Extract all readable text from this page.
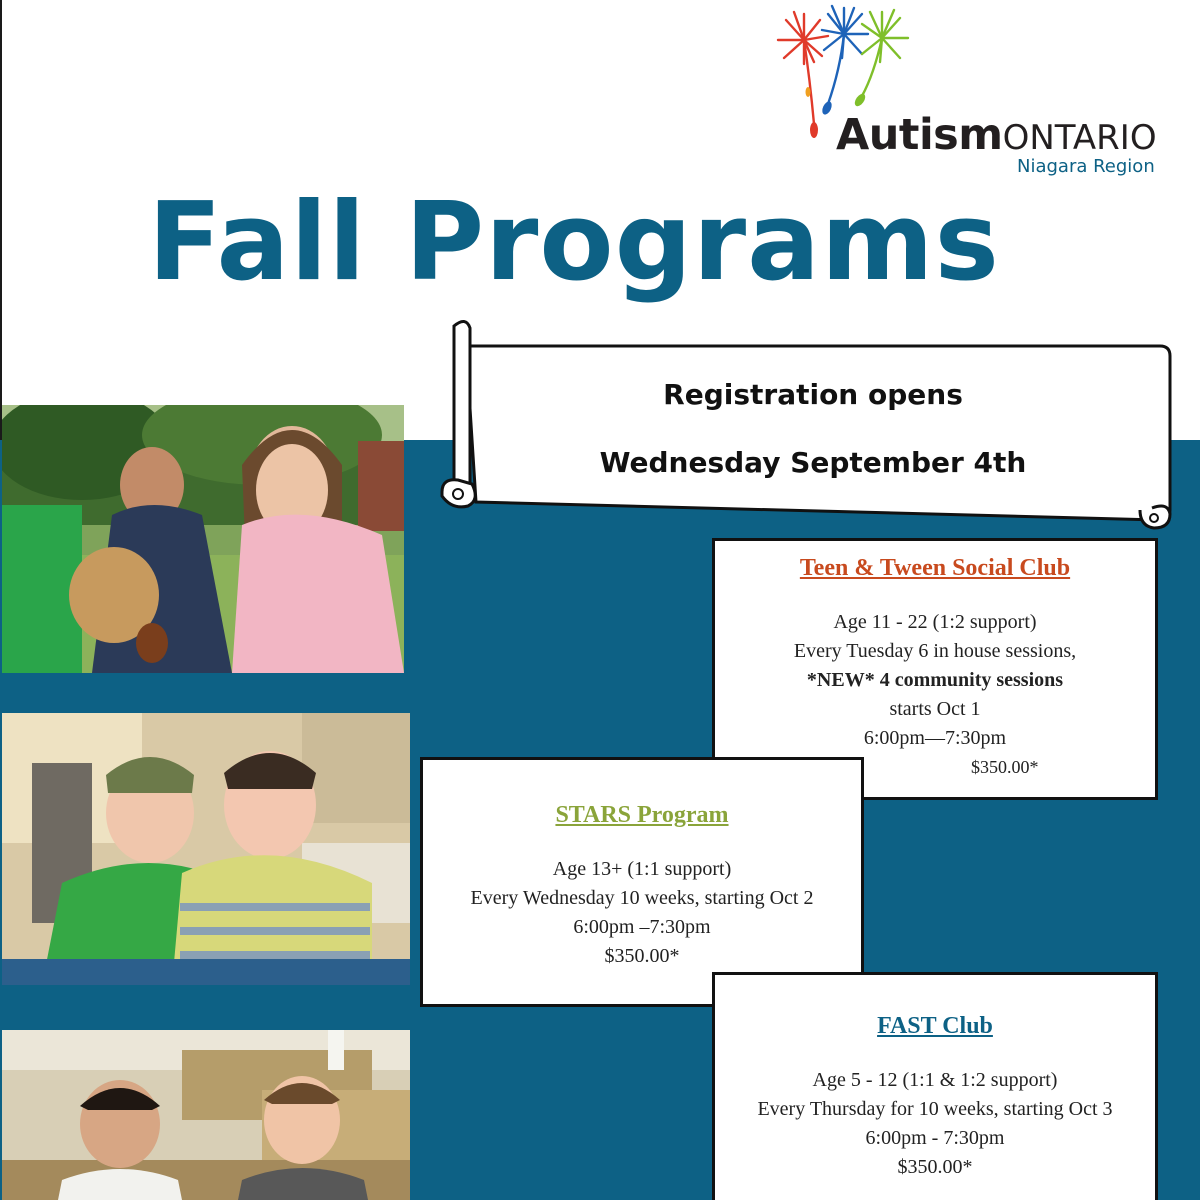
AutismONTARIO
Niagara Region
Fall Programs
Registration opens
Wednesday September 4th
Teen & Tween Social Club
Age 11 - 22 (1:2 support)
Every Tuesday 6 in house sessions,
*NEW* 4 community sessions
starts Oct 1
6:00pm—7:30pm
$350.00*
STARS Program
Age 13+ (1:1 support)
Every Wednesday 10 weeks, starting Oct 2
6:00pm –7:30pm
$350.00*
FAST Club
Age 5 - 12 (1:1 & 1:2 support)
Every Thursday for 10 weeks, starting Oct 3
6:00pm - 7:30pm
$350.00*
